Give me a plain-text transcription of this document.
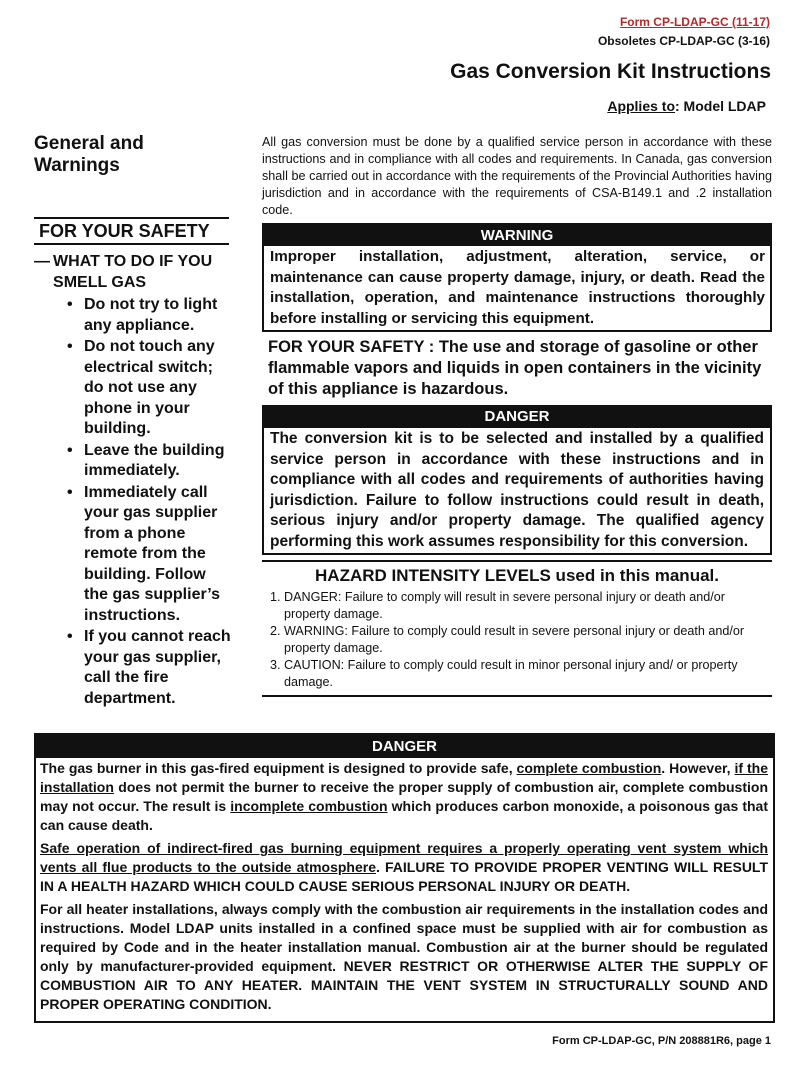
Form CP-LDAP-GC (11-17)
Obsoletes CP-LDAP-GC (3-16)
Gas Conversion Kit Instructions
Applies to: Model LDAP
General and Warnings
FOR YOUR SAFETY
— WHAT TO DO IF YOU SMELL GAS
• Do not try to light any appliance.
• Do not touch any electrical switch; do not use any phone in your building.
• Leave the building immediately.
• Immediately call your gas supplier from a phone remote from the building. Follow the gas supplier’s instructions.
• If you cannot reach your gas supplier, call the fire department.

All gas conversion must be done by a qualified service person in accordance with these instructions and in compliance with all codes and requirements. In Canada, gas conversion shall be carried out in accordance with the requirements of the Provincial Authorities having jurisdiction and in accordance with the requirements of CSA-B149.1 and .2 installation code.

WARNING
Improper installation, adjustment, alteration, service, or maintenance can cause property damage, injury, or death. Read the installation, operation, and maintenance instructions thoroughly before installing or servicing this equipment.
FOR YOUR SAFETY : The use and storage of gasoline or other flammable vapors and liquids in open containers in the vicinity of this appliance is hazardous.
DANGER
The conversion kit is to be selected and installed by a qualified service person in accordance with these instructions and in compliance with all codes and requirements of authorities having jurisdiction. Failure to follow instructions could result in death, serious injury and/or property damage. The qualified agency performing this work assumes responsibility for this conversion.
HAZARD INTENSITY LEVELS used in this manual.
1. DANGER: Failure to comply will result in severe personal injury or death and/or property damage.
2. WARNING: Failure to comply could result in severe personal injury or death and/or property damage.
3. CAUTION: Failure to comply could result in minor personal injury and/ or property damage.
DANGER

The gas burner in this gas-fired equipment is designed to provide safe, complete combustion. However, if the installation does not permit the burner to receive the proper supply of combustion air, complete combustion may not occur. The result is incomplete combustion which produces carbon monoxide, a poisonous gas that can cause death.

Safe operation of indirect-fired gas burning equipment requires a properly operating vent system which vents all flue products to the outside atmosphere. FAILURE TO PROVIDE PROPER VENTING WILL RESULT IN A HEALTH HAZARD WHICH COULD CAUSE SERIOUS PERSONAL INJURY OR DEATH.

For all heater installations, always comply with the combustion air requirements in the installation codes and instructions. Model LDAP units installed in a confined space must be supplied with air for combustion as required by Code and in the heater installation manual. Combustion air at the burner should be regulated only by manufacturer-provided equipment. NEVER RESTRICT OR OTHERWISE ALTER THE SUPPLY OF COMBUSTION AIR TO ANY HEATER. MAINTAIN THE VENT SYSTEM IN STRUCTURALLY SOUND AND PROPER OPERATING CONDITION.

Form CP-LDAP-GC, P/N 208881R6, page 1
